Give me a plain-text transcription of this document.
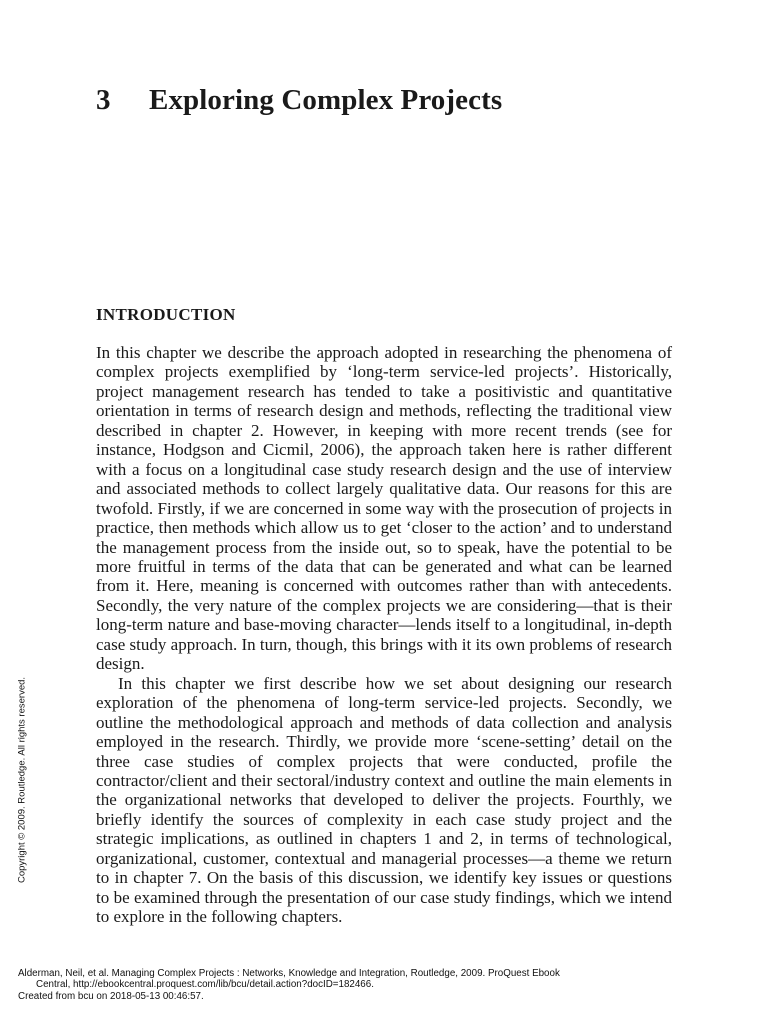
3 Exploring Complex Projects
INTRODUCTION

In this chapter we describe the approach adopted in researching the phenomena of complex projects exemplified by ‘long-term service-led projects’. Historically, project management research has tended to take a positivistic and quantitative orientation in terms of research design and methods, reflecting the traditional view described in chapter 2. However, in keeping with more recent trends (see for instance, Hodgson and Cicmil, 2006), the approach taken here is rather different with a focus on a longitudinal case study research design and the use of interview and associated methods to collect largely qualitative data. Our reasons for this are twofold. Firstly, if we are concerned in some way with the prosecution of projects in practice, then methods which allow us to get ‘closer to the action’ and to understand the management process from the inside out, so to speak, have the potential to be more fruitful in terms of the data that can be generated and what can be learned from it. Here, meaning is concerned with outcomes rather than with antecedents. Secondly, the very nature of the complex projects we are considering—that is their long-term nature and base-moving character—lends itself to a longitudinal, in-depth case study approach. In turn, though, this brings with it its own problems of research design.

In this chapter we first describe how we set about designing our research exploration of the phenomena of long-term service-led projects. Secondly, we outline the methodological approach and methods of data collection and analysis employed in the research. Thirdly, we provide more ‘scene-setting’ detail on the three case studies of complex projects that were conducted, profile the contractor/client and their sectoral/industry context and outline the main elements in the organizational networks that developed to deliver the projects. Fourthly, we briefly identify the sources of complexity in each case study project and the strategic implications, as outlined in chapters 1 and 2, in terms of technological, organizational, customer, contextual and managerial processes—a theme we return to in chapter 7. On the basis of this discussion, we identify key issues or questions to be examined through the presentation of our case study findings, which we intend to explore in the following chapters.

Copyright © 2009. Routledge. All rights reserved.
Alderman, Neil, et al. Managing Complex Projects : Networks, Knowledge and Integration, Routledge, 2009. ProQuest Ebook
Central, http://ebookcentral.proquest.com/lib/bcu/detail.action?docID=182466.
Created from bcu on 2018-05-13 00:46:57.
